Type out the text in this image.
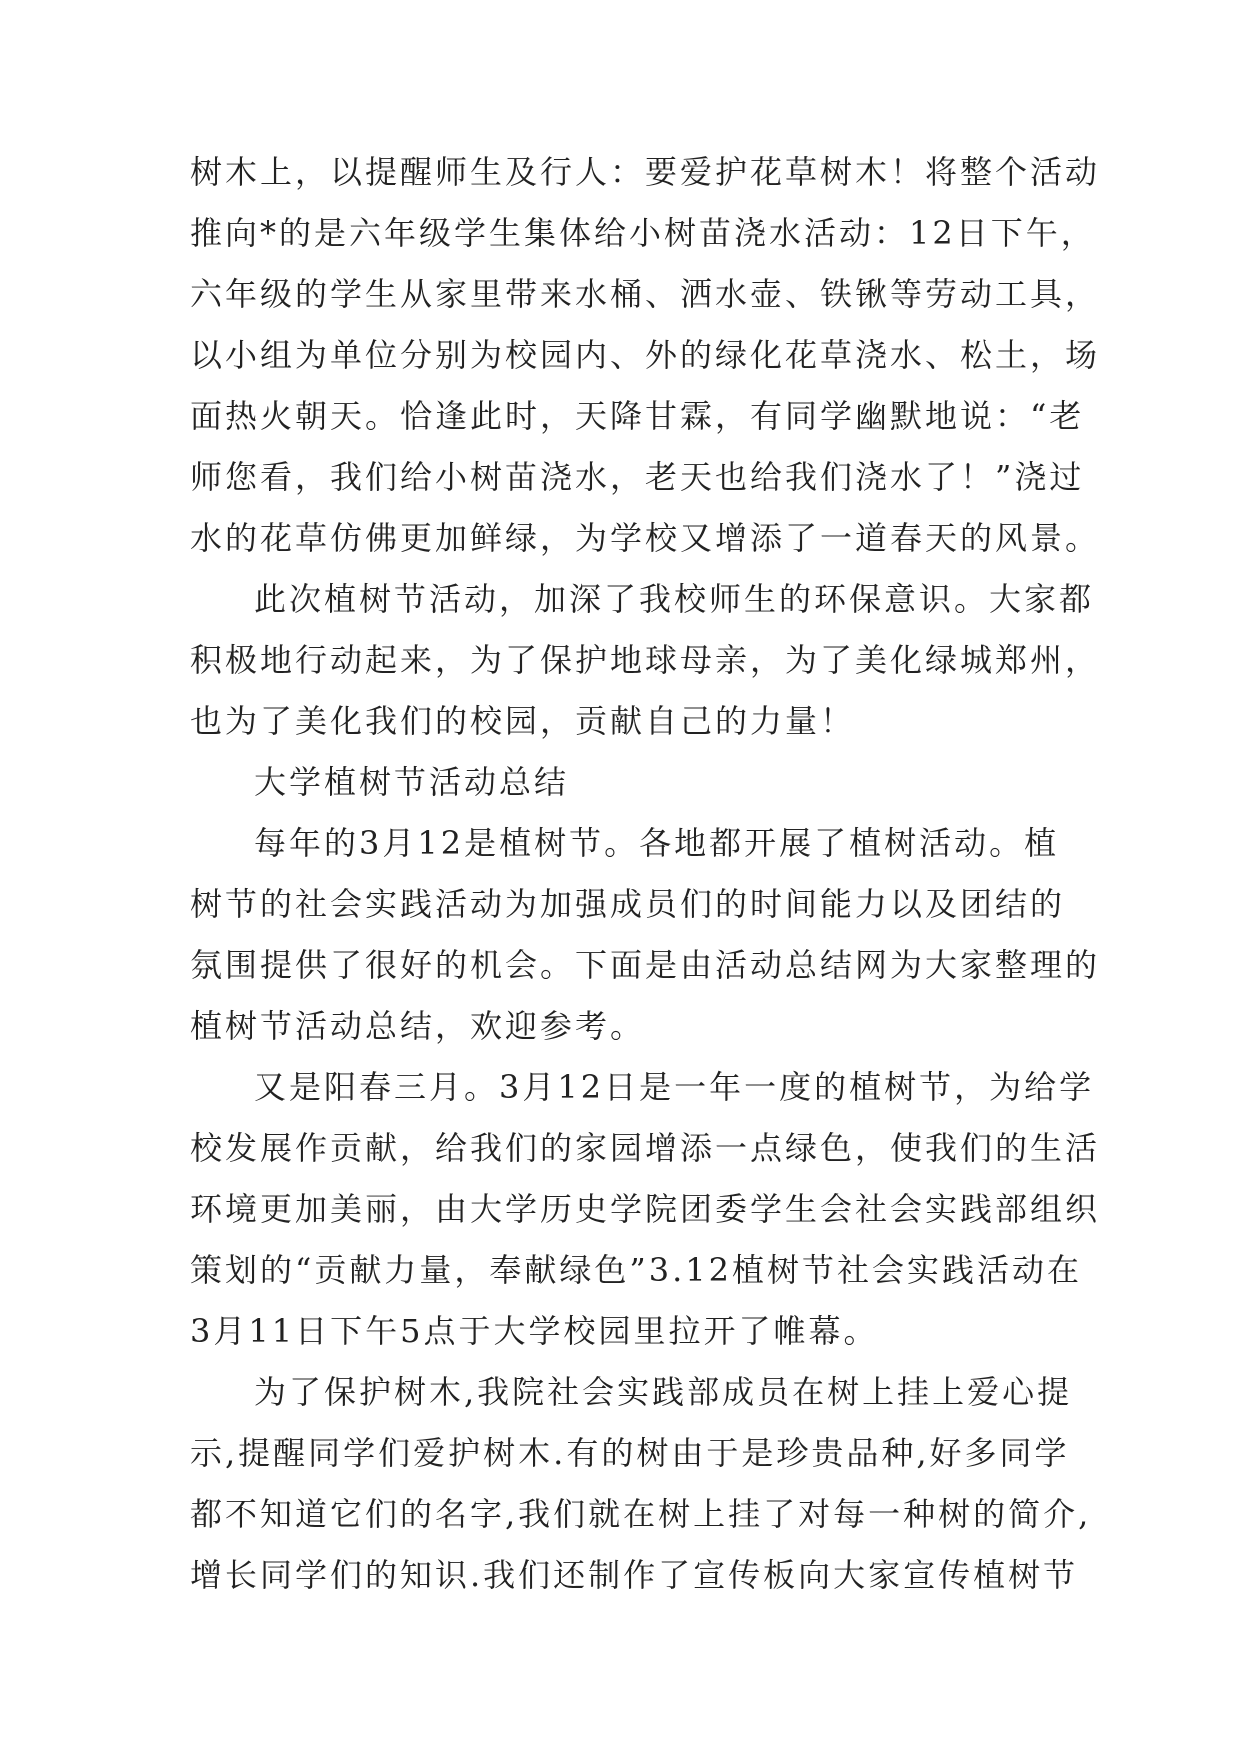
树木上，以提醒师生及行人：要爱护花草树木！将整个活动
推向*的是六年级学生集体给小树苗浇水活动：12日下午，
六年级的学生从家里带来水桶、洒水壶、铁锹等劳动工具，
以小组为单位分别为校园内、外的绿化花草浇水、松土，场
面热火朝天。恰逢此时，天降甘霖，有同学幽默地说：“老
师您看，我们给小树苗浇水，老天也给我们浇水了！”浇过
水的花草仿佛更加鲜绿，为学校又增添了一道春天的风景。
此次植树节活动，加深了我校师生的环保意识。大家都
积极地行动起来，为了保护地球母亲，为了美化绿城郑州，
也为了美化我们的校园，贡献自己的力量！
大学植树节活动总结
每年的3月12是植树节。各地都开展了植树活动。植
树节的社会实践活动为加强成员们的时间能力以及团结的
氛围提供了很好的机会。下面是由活动总结网为大家整理的
植树节活动总结，欢迎参考。
又是阳春三月。3月12日是一年一度的植树节，为给学
校发展作贡献，给我们的家园增添一点绿色，使我们的生活
环境更加美丽，由大学历史学院团委学生会社会实践部组织
策划的“贡献力量，奉献绿色”3.12植树节社会实践活动在
3月11日下午5点于大学校园里拉开了帷幕。
为了保护树木,我院社会实践部成员在树上挂上爱心提
示,提醒同学们爱护树木.有的树由于是珍贵品种,好多同学
都不知道它们的名字,我们就在树上挂了对每一种树的简介,
增长同学们的知识.我们还制作了宣传板向大家宣传植树节
